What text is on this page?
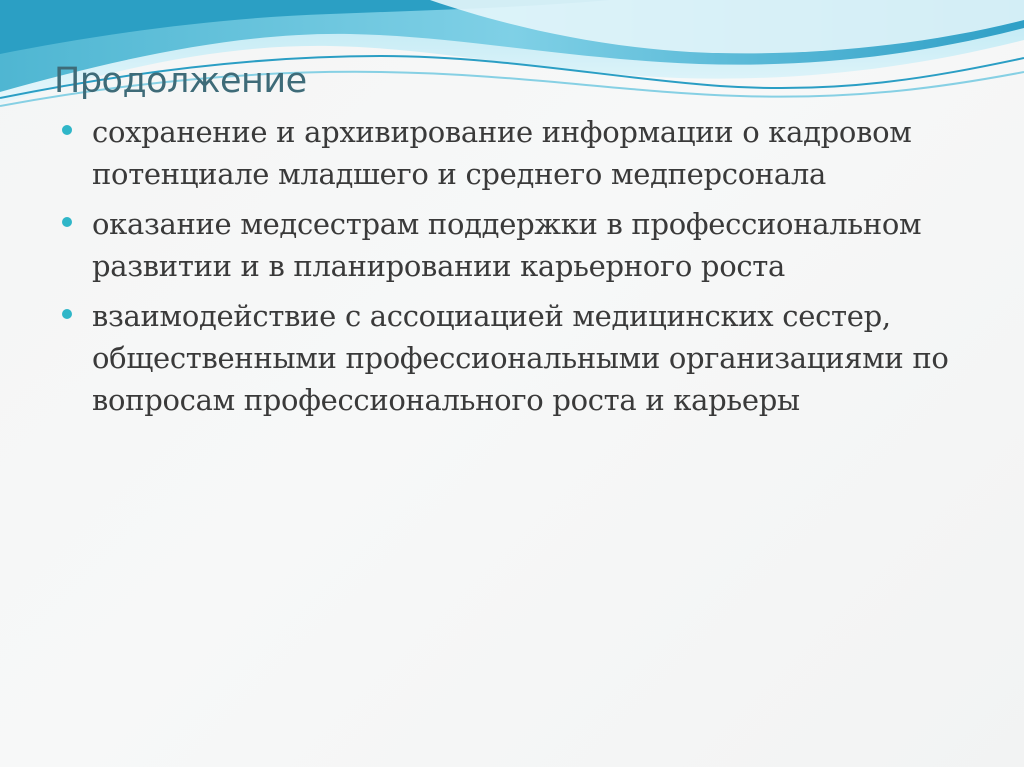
Продолжение
сохранение и архивирование информации о кадровом потенциале младшего и среднего медперсонала
оказание медсестрам поддержки в профессиональном развитии и в планировании карьерного роста
взаимодействие с ассоциацией медицинских сестер, общественными профессиональными организациями по вопросам профессионального роста и карьеры
